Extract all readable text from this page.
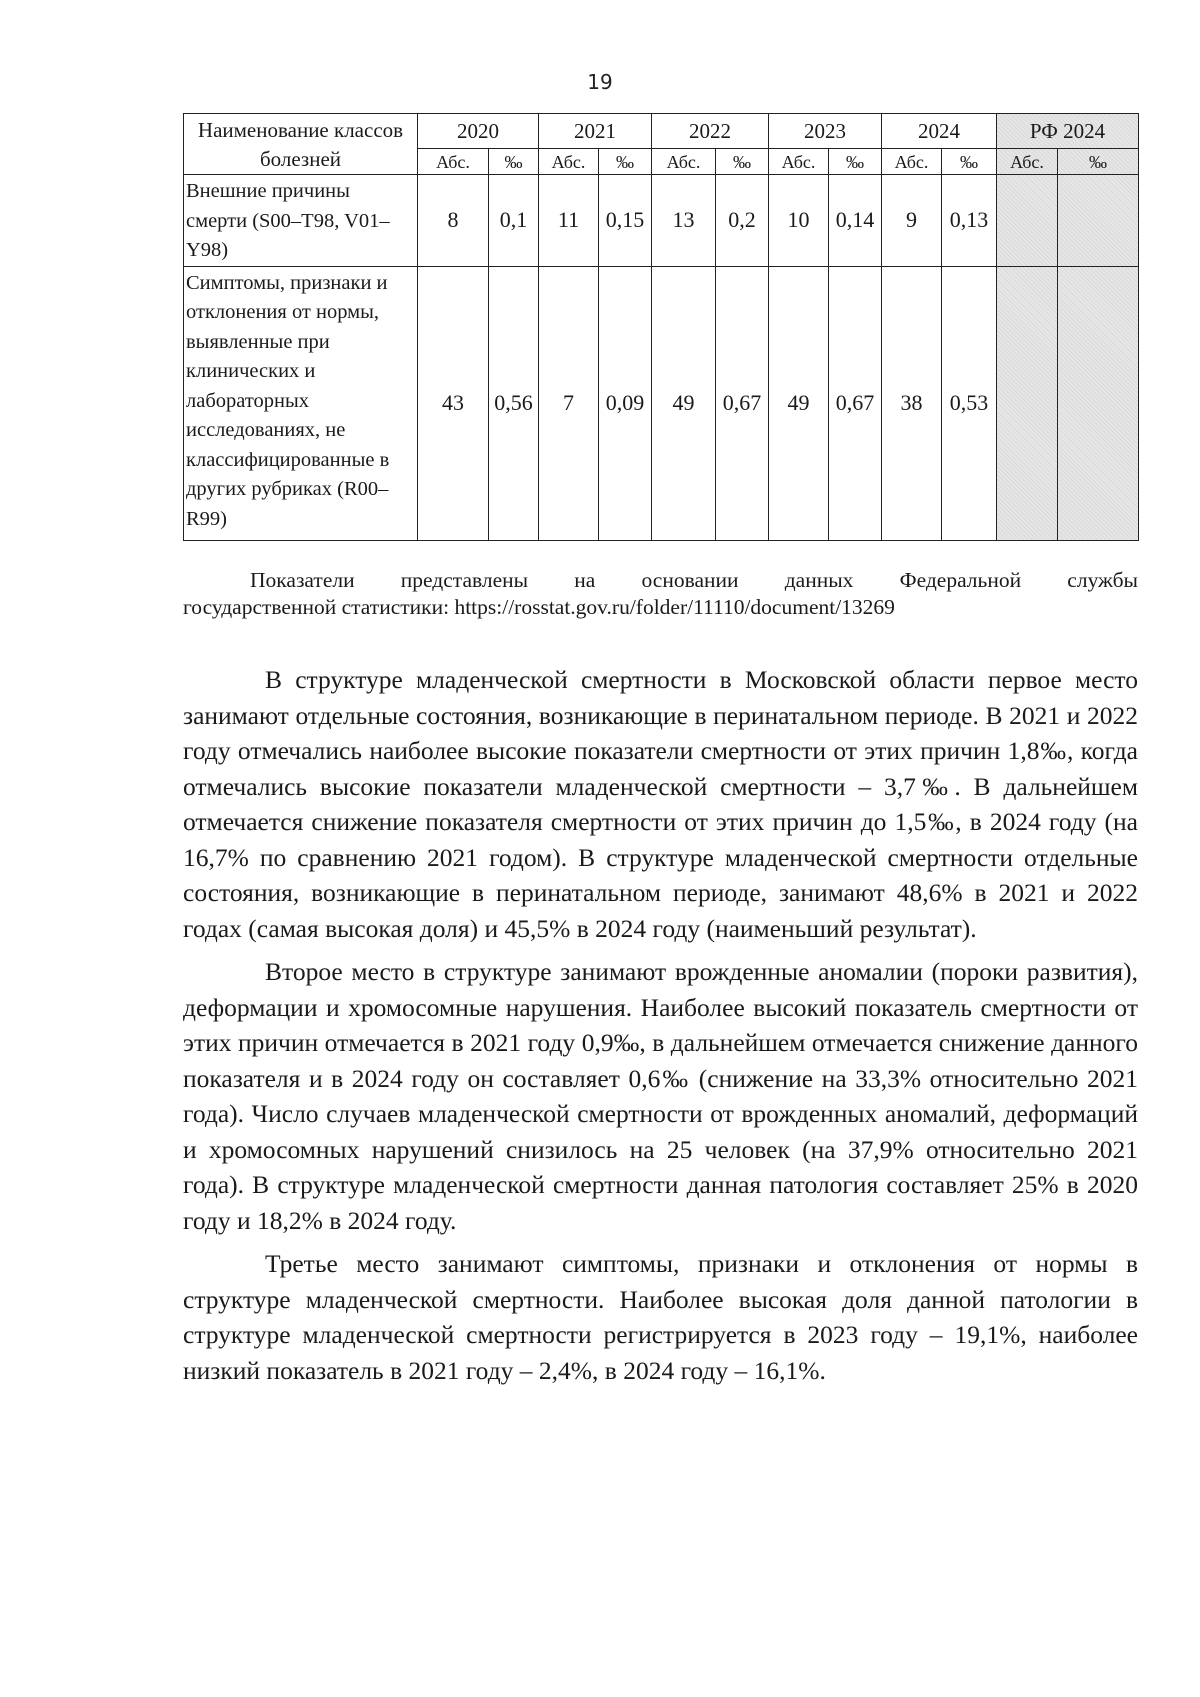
19
Наименование классов болезней	2020		2021		2022		2023		2024		РФ 2024	
	Абс.	‰	Абс.	‰	Абс.	‰	Абс.	‰	Абс.	‰	Абс.	‰
Внешние причины смерти (S00–T98, V01–Y98)	8	0,1	11	0,15	13	0,2	10	0,14	9	0,13		
Симптомы, признаки и отклонения от нормы, выявленные при клинических и лабораторных исследованиях, не классифицированные в других рубриках (R00–R99)	43	0,56	7	0,09	49	0,67	49	0,67	38	0,53		
Показатели представлены на основании данных Федеральной службы
государственной статистики: https://rosstat.gov.ru/folder/11110/document/13269

В структуре младенческой смертности в Московской области первое место занимают отдельные состояния, возникающие в перинатальном периоде. В 2021 и 2022 году отмечались наиболее высокие показатели смертности от этих причин 1,8‰, когда отмечались высокие показатели младенческой смертности – 3,7‰. В дальнейшем отмечается снижение показателя смертности от этих причин до 1,5‰, в 2024 году (на 16,7% по сравнению 2021 годом). В структуре младенческой смертности отдельные состояния, возникающие в перинатальном периоде, занимают 48,6% в 2021 и 2022 годах (самая высокая доля) и 45,5% в 2024 году (наименьший результат).

Второе место в структуре занимают врожденные аномалии (пороки развития), деформации и хромосомные нарушения. Наиболее высокий показатель смертности от этих причин отмечается в 2021 году 0,9‰, в дальнейшем отмечается снижение данного показателя и в 2024 году он составляет 0,6‰ (снижение на 33,3% относительно 2021 года). Число случаев младенческой смертности от врожденных аномалий, деформаций и хромосомных нарушений снизилось на 25 человек (на 37,9% относительно 2021 года). В структуре младенческой смертности данная патология составляет 25% в 2020 году и 18,2% в 2024 году.

Третье место занимают симптомы, признаки и отклонения от нормы в структуре младенческой смертности. Наиболее высокая доля данной патологии в структуре младенческой смертности регистрируется в 2023 году – 19,1%, наиболее низкий показатель в 2021 году – 2,4%, в 2024 году – 16,1%.
